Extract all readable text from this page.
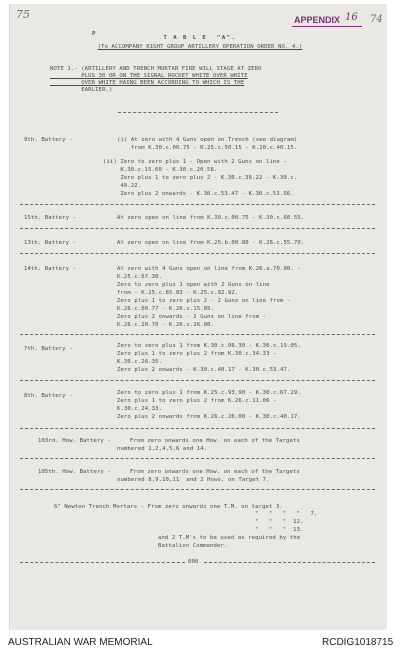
75	74
APPENDIX 16
P
T A B L E  "A".
(To ACCOMPANY RIGHT GROUP ARTILLERY OPERATION ORDER NO. 4.)
NOTE 1.- (ARTILLERY AND TRENCH MORTAR FIRE WILL STAGE AT ZERO
PLUS 30 OR ON THE SIGNAL ROCKET WHITE OVER WHITE
OVER WHITE HAING BEEN ACCORDING TO WHICH IS THE
EARLIER.)
9th. Battery -	(i) At zero with 4 Guns open on Trench (see diagram)
from K.30.c.00.75 - K.25.c.50.15 - K.20.c.40.15.
(ii) Zero to zero plus 1 - Open with 2 Guns on line -
K.30.c.15.60 - K.30.c.20.58.
Zero plus 1 to zero plus 2 - K.30.c.36.22 - K.30.c.
40.22.
Zero plus 2 onwards - K.30.c.53.47 - K.30.c.53.56.
15th. Battery -	At zero open on line from K.30.c.00.75 - K.30.c.60.55.
13th. Battery -	At zero open on line from K.25.b.00.80 - K.26.c.55.70.
14th. Battery -	At zero with 4 Guns open on line from K.26.a.70.00. -
K.25.c.67.30.
Zero to zero plus 1 open with 2 Guns on line
from - K.25.c.85.83 - K.25.c.92.92.
Zero plus 1 to zero plus 2 - 2 Guns on line from -
K.26.c.00.77 - K.26.c.15.05.
Zero plus 2 onwards - 2 Guns on line from -
K.26.c.20.70 - K.26.c.26.80.
7th. Battery -	Zero to zero plus 1 from K.30.c.06.30 - K.30.c.19.05.
Zero plus 1 to zero plus 2 from K.30.c.34.33 -
K.30.c.26.35.
Zero plus 2 onwards - K.30.c.40.17 - K.30.c.53.47.
8th. Battery -	Zero to zero plus 1 from K.25.c.93.90 - K.30.c.67.29.
Zero plus 1 to zero plus 2 from K.26.c.11.06 -
K.30.c.24.33.
Zero plus 2 onwards from K.26.c.26.00 - K.30.c.40.17.
103rd. How. Battery -	From zero onwards one How. on each of the Targets
numbered 1,2,4,5,6 and 14.
105th. How. Battery -	From zero onwards one How. on each of the Targets
numbered 8,9,10,11  and 2 Hows. on Target 7.
6" Newton Trench Mortars - From zero onwards one T.M. on target 3.
"   "   "   "   7.
"   "   "  12.
"   "   "  13.
and 2 T.M's to be used as required by the
Battalion Commander.
000
AUSTRALIAN WAR MEMORIAL	RCDIG1018715
